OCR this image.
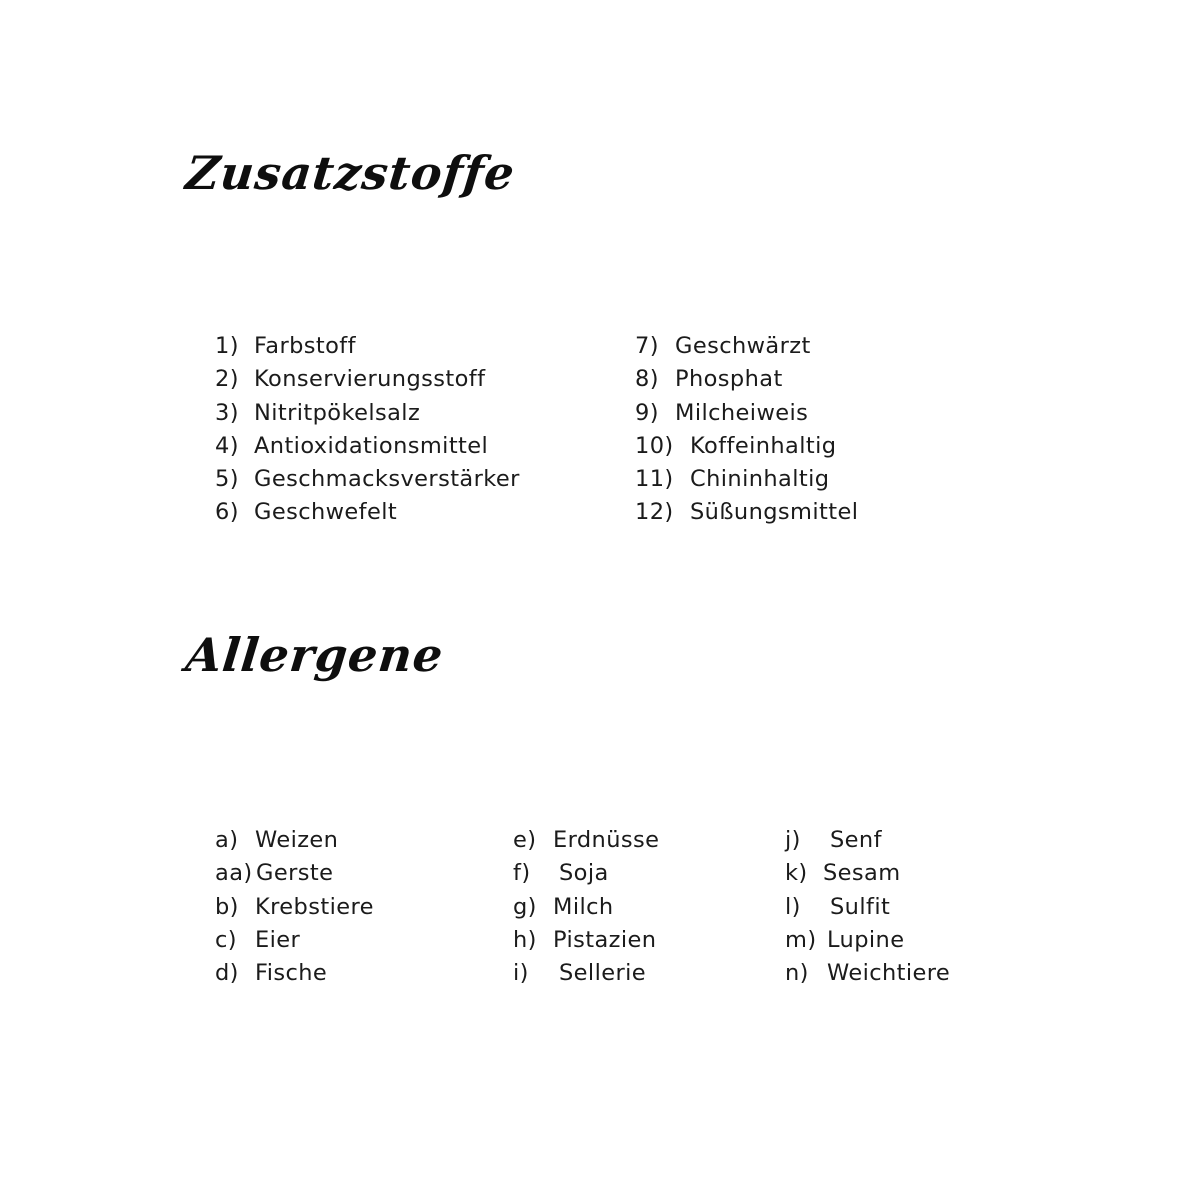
Zusatzstoffe
1) Farbstoff
2) Konservierungsstoff
3) Nitritpökelsalz
4) Antioxidationsmittel
5) Geschmacksverstärker
6) Geschwefelt
7) Geschwärzt
8) Phosphat
9) Milcheiweis
10) Koffeinhaltig
11) Chininhaltig
12) Süßungsmittel
Allergene
a) Weizen
aa) Gerste
b) Krebstiere
c) Eier
d) Fische
e) Erdnüsse
f)	Soja
g) Milch
h) Pistazien
i)	Sellerie
j)	Senf
k) Sesam
l)	Sulfit
m) Lupine
n) Weichtiere
